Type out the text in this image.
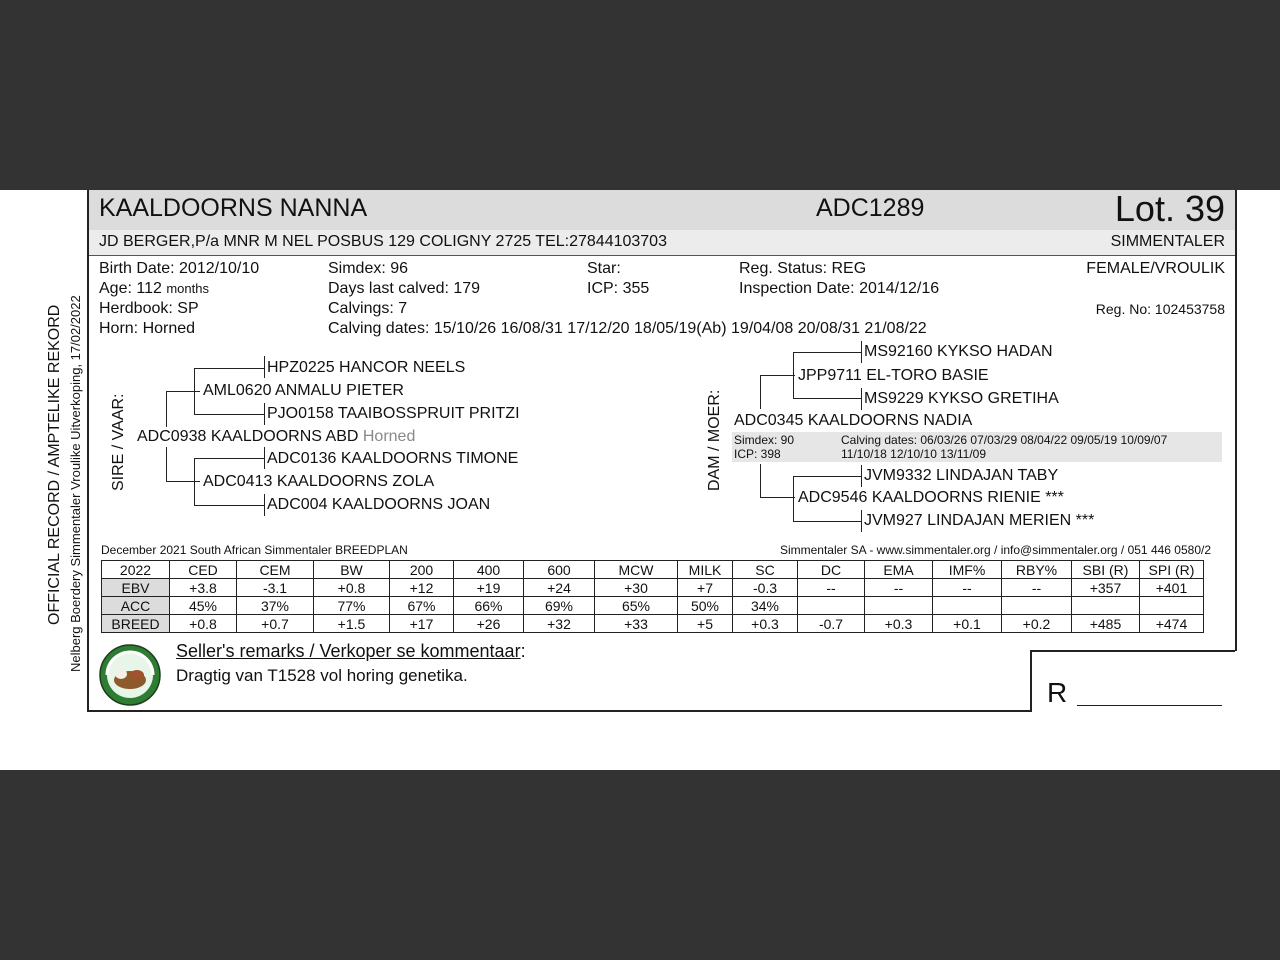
OFFICIAL RECORD / AMPTELIKE REKORD Nelberg Boerdery Simmentaler Vroulike Uitverkoping, 17/02/2022
KAALDOORNS NANNA	ADC1289	Lot. 39
JD BERGER,P/a MNR M NEL POSBUS 129 COLIGNY 2725 TEL:27844103703	SIMMENTALER
Birth Date: 2012/10/10	Simdex: 96	Star:	Reg. Status: REG	FEMALE/VROULIK
Age: 112 months	Days last calved: 179	ICP: 355	Inspection Date: 2014/12/16
Herdbook: SP	Calvings: 7	Reg. No: 102453758
Horn: Horned	Calving dates: 15/10/26 16/08/31 17/12/20 18/05/19(Ab) 19/04/08 20/08/31 21/08/22
SIRE / VAAR:
HPZ0225 HANCOR NEELS
AML0620 ANMALU PIETER
PJO0158 TAAIBOSSPRUIT PRITZI
ADC0938 KAALDOORNS ABD Horned
ADC0136 KAALDOORNS TIMONE
ADC0413 KAALDOORNS ZOLA
ADC004 KAALDOORNS JOAN
DAM / MOER:
MS92160 KYKSO HADAN
JPP9711 EL-TORO BASIE
MS9229 KYKSO GRETIHA
ADC0345 KAALDOORNS NADIA
Simdex: 90
ICP: 398
Calving dates: 06/03/26 07/03/29 08/04/22 09/05/19 10/09/07
11/10/18 12/10/10 13/11/09
JVM9332 LINDAJAN TABY
ADC9546 KAALDOORNS RIENIE ***
JVM927 LINDAJAN MERIEN ***
December 2021 South African Simmentaler BREEDPLAN	Simmentaler SA - www.simmentaler.org / info@simmentaler.org / 051 446 0580/2
2022	CED	CEM	BW	200	400	600	MCW	MILK	SC	DC	EMA	IMF%	RBY%	SBI (R)	SPI (R)
EBV	+3.8	-3.1	+0.8	+12	+19	+24	+30	+7	-0.3	--	--	--	--	+357	+401
ACC	45%	37%	77%	67%	66%	69%	65%	50%	34%						
BREED	+0.8	+0.7	+1.5	+17	+26	+32	+33	+5	+0.3	-0.7	+0.3	+0.1	+0.2	+485	+474
Seller's remarks / Verkoper se kommentaar:
Dragtig van T1528 vol horing genetika.
R
